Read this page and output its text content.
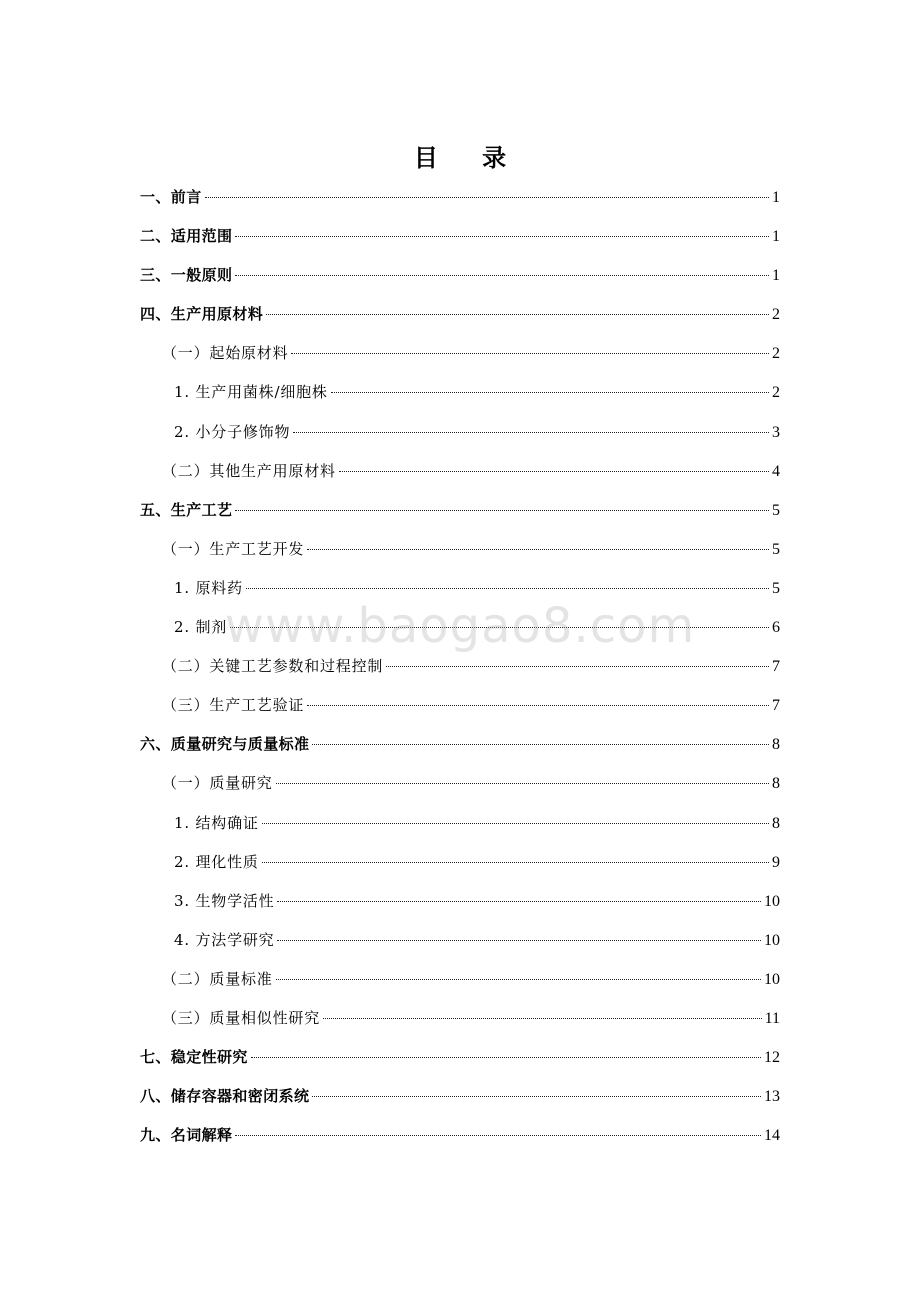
目 录
一、前言	1
二、适用范围	1
三、一般原则	1
四、生产用原材料	2
（一）起始原材料	2
1. 生产用菌株/细胞株	2
2. 小分子修饰物	3
（二）其他生产用原材料	4
五、生产工艺	5
（一）生产工艺开发	5
1. 原料药	5
2. 制剂	6
（二）关键工艺参数和过程控制	7
（三）生产工艺验证	7
六、质量研究与质量标准	8
（一）质量研究	8
1. 结构确证	8
2. 理化性质	9
3. 生物学活性	10
4. 方法学研究	10
（二）质量标准	10
（三）质量相似性研究	11
七、稳定性研究	12
八、储存容器和密闭系统	13
九、名词解释	14
www.baogao8.com
